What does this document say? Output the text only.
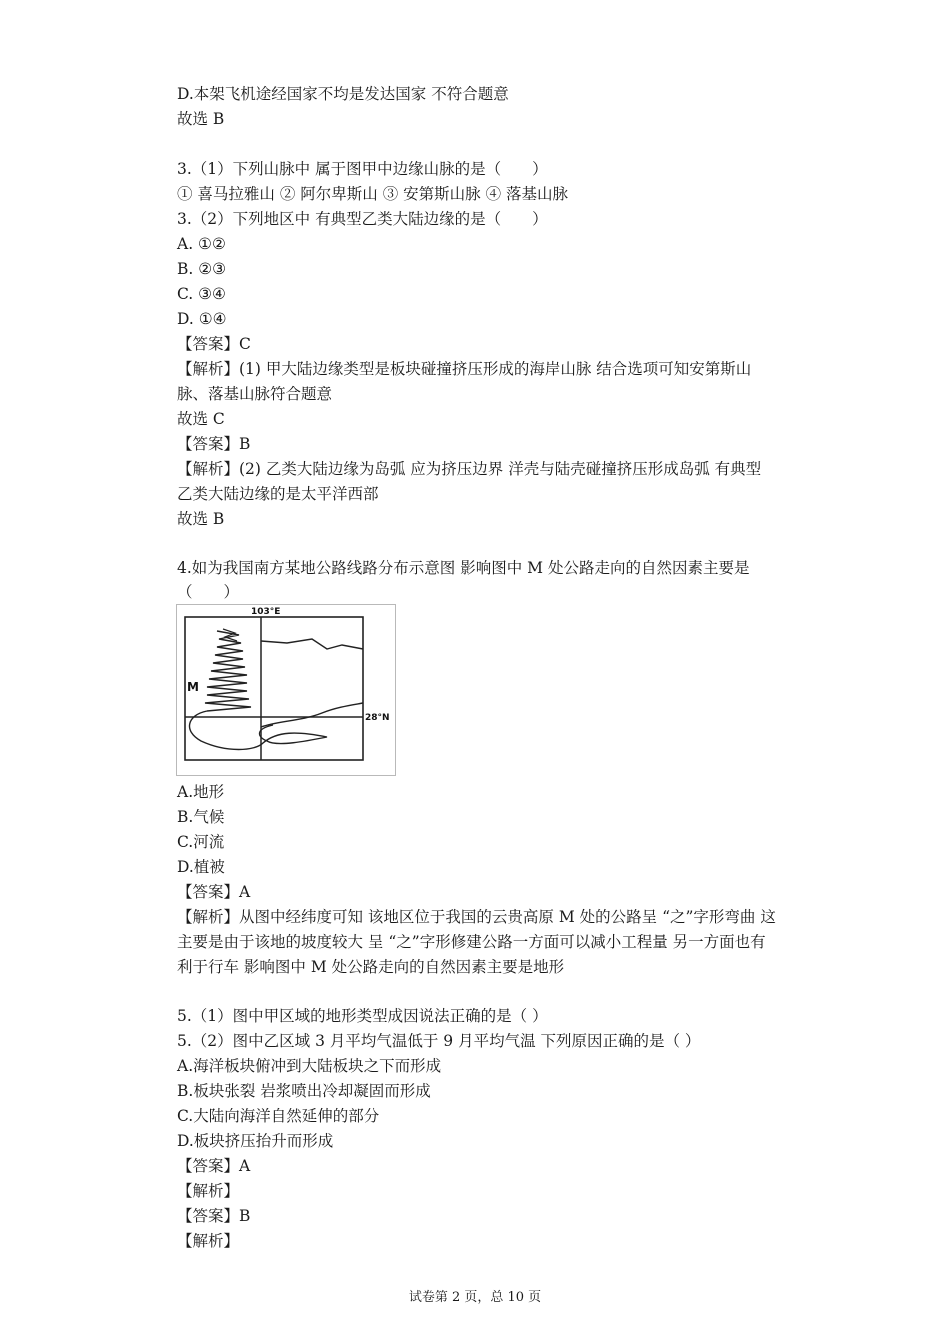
D.本架飞机途经国家不均是发达国家 不符合题意
故选 B
3.（1）下列山脉中 属于图甲中边缘山脉的是（　　）
① 喜马拉雅山 ② 阿尔卑斯山 ③ 安第斯山脉 ④ 落基山脉
3.（2）下列地区中 有典型乙类大陆边缘的是（　　）
A. ①②
B. ②③
C. ③④
D. ①④
【答案】C
【解析】(1) 甲大陆边缘类型是板块碰撞挤压形成的海岸山脉 结合选项可知安第斯山
脉、落基山脉符合题意
故选 C
【答案】B
【解析】(2) 乙类大陆边缘为岛弧 应为挤压边界 洋壳与陆壳碰撞挤压形成岛弧 有典型
乙类大陆边缘的是太平洋西部
故选 B
4.如为我国南方某地公路线路分布示意图 影响图中 M 处公路走向的自然因素主要是
（　　）
103°E
28°N
M
A.地形
B.气候
C.河流
D.植被
【答案】A
【解析】从图中经纬度可知 该地区位于我国的云贵高原 M 处的公路呈 “之”字形弯曲 这
主要是由于该地的坡度较大 呈 “之”字形修建公路一方面可以减小工程量 另一方面也有
利于行车 影响图中 M 处公路走向的自然因素主要是地形
5.（1）图中甲区域的地形类型成因说法正确的是（ ）
5.（2）图中乙区域 3 月平均气温低于 9 月平均气温 下列原因正确的是（ ）
A.海洋板块俯冲到大陆板块之下而形成
B.板块张裂 岩浆喷出冷却凝固而形成
C.大陆向海洋自然延伸的部分
D.板块挤压抬升而形成
【答案】A
【解析】
【答案】B
【解析】
试卷第 2 页，总 10 页
